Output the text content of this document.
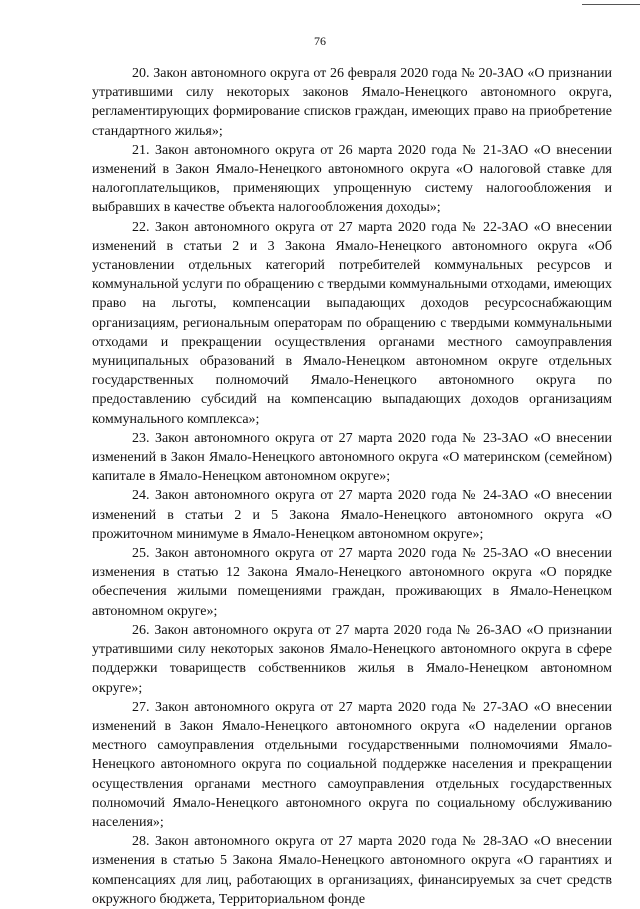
76

20. Закон автономного округа от 26 февраля 2020 года № 20-ЗАО «О признании утратившими силу некоторых законов Ямало-Ненецкого автономного округа, регламентирующих формирование списков граждан, имеющих право на приобретение стандартного жилья»;

21. Закон автономного округа от 26 марта 2020 года № 21-ЗАО «О внесении изменений в Закон Ямало-Ненецкого автономного округа «О налоговой ставке для налогоплательщиков, применяющих упрощенную систему налогообложения и выбравших в качестве объекта налогообложения доходы»;

22. Закон автономного округа от 27 марта 2020 года № 22-ЗАО «О внесении изменений в статьи 2 и 3 Закона Ямало-Ненецкого автономного округа «Об установлении отдельных категорий потребителей коммунальных ресурсов и коммунальной услуги по обращению с твердыми коммунальными отходами, имеющих право на льготы, компенсации выпадающих доходов ресурсоснабжающим организациям, региональным операторам по обращению с твердыми коммунальными отходами и прекращении осуществления органами местного самоуправления муниципальных образований в Ямало-Ненецком автономном округе отдельных государственных полномочий Ямало-Ненецкого автономного округа по предоставлению субсидий на компенсацию выпадающих доходов организациям коммунального комплекса»;

23. Закон автономного округа от 27 марта 2020 года № 23-ЗАО «О внесении изменений в Закон Ямало-Ненецкого автономного округа «О материнском (семейном) капитале в Ямало-Ненецком автономном округе»;

24. Закон автономного округа от 27 марта 2020 года № 24-ЗАО «О внесении изменений в статьи 2 и 5 Закона Ямало-Ненецкого автономного округа «О прожиточном минимуме в Ямало-Ненецком автономном округе»;

25. Закон автономного округа от 27 марта 2020 года № 25-ЗАО «О внесении изменения в статью 12 Закона Ямало-Ненецкого автономного округа «О порядке обеспечения жилыми помещениями граждан, проживающих в Ямало-Ненецком автономном округе»;

26. Закон автономного округа от 27 марта 2020 года № 26-ЗАО «О признании утратившими силу некоторых законов Ямало-Ненецкого автономного округа в сфере поддержки товариществ собственников жилья в Ямало-Ненецком автономном округе»;

27. Закон автономного округа от 27 марта 2020 года № 27-ЗАО «О внесении изменений в Закон Ямало-Ненецкого автономного округа «О наделении органов местного самоуправления отдельными государственными полномочиями Ямало-Ненецкого автономного округа по социальной поддержке населения и прекращении осуществления органами местного самоуправления отдельных государственных полномочий Ямало-Ненецкого автономного округа по социальному обслуживанию населения»;

28. Закон автономного округа от 27 марта 2020 года № 28-ЗАО «О внесении изменения в статью 5 Закона Ямало-Ненецкого автономного округа «О гарантиях и компенсациях для лиц, работающих в организациях, финансируемых за счет средств окружного бюджета, Территориальном фонде
